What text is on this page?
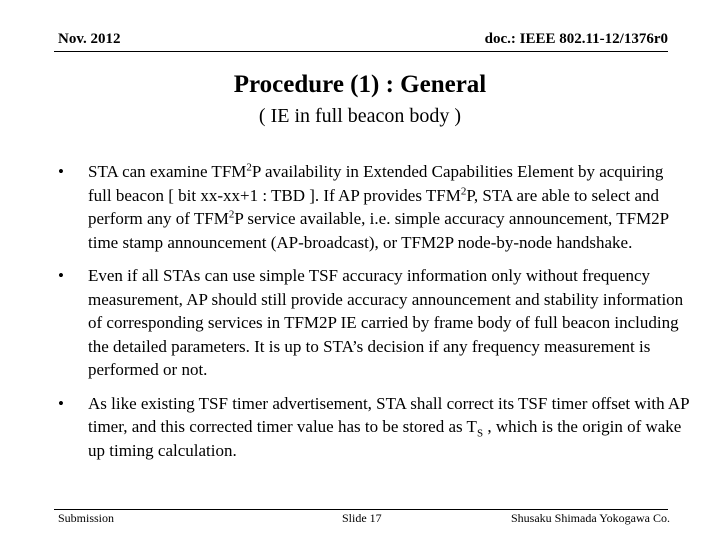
Nov. 2012	doc.: IEEE 802.11-12/1376r0
Procedure (1) : General
( IE in full beacon body )
• STA can examine TFM$^2$P availability in Extended Capabilities Element by acquiring full beacon [ bit xx-xx+1 : TBD ]. If AP provides TFM$^2$P, STA are able to select and perform any of TFM$^2$P service available, i.e. simple accuracy announcement, TFM2P time stamp announcement (AP-broadcast), or TFM2P node-by-node handshake.
• Even if all STAs can use simple TSF accuracy information only without frequency measurement, AP should still provide accuracy announcement and stability information of corresponding services in TFM2P IE carried by frame body of full beacon including the detailed parameters. It is up to STA’s decision if any frequency measurement is performed or not.
• As like existing TSF timer advertisement, STA shall correct its TSF timer offset with AP timer, and this corrected timer value has to be stored as $T_S$ , which is the origin of wake up timing calculation.
Submission	Slide 17	Shusaku Shimada Yokogawa Co.
